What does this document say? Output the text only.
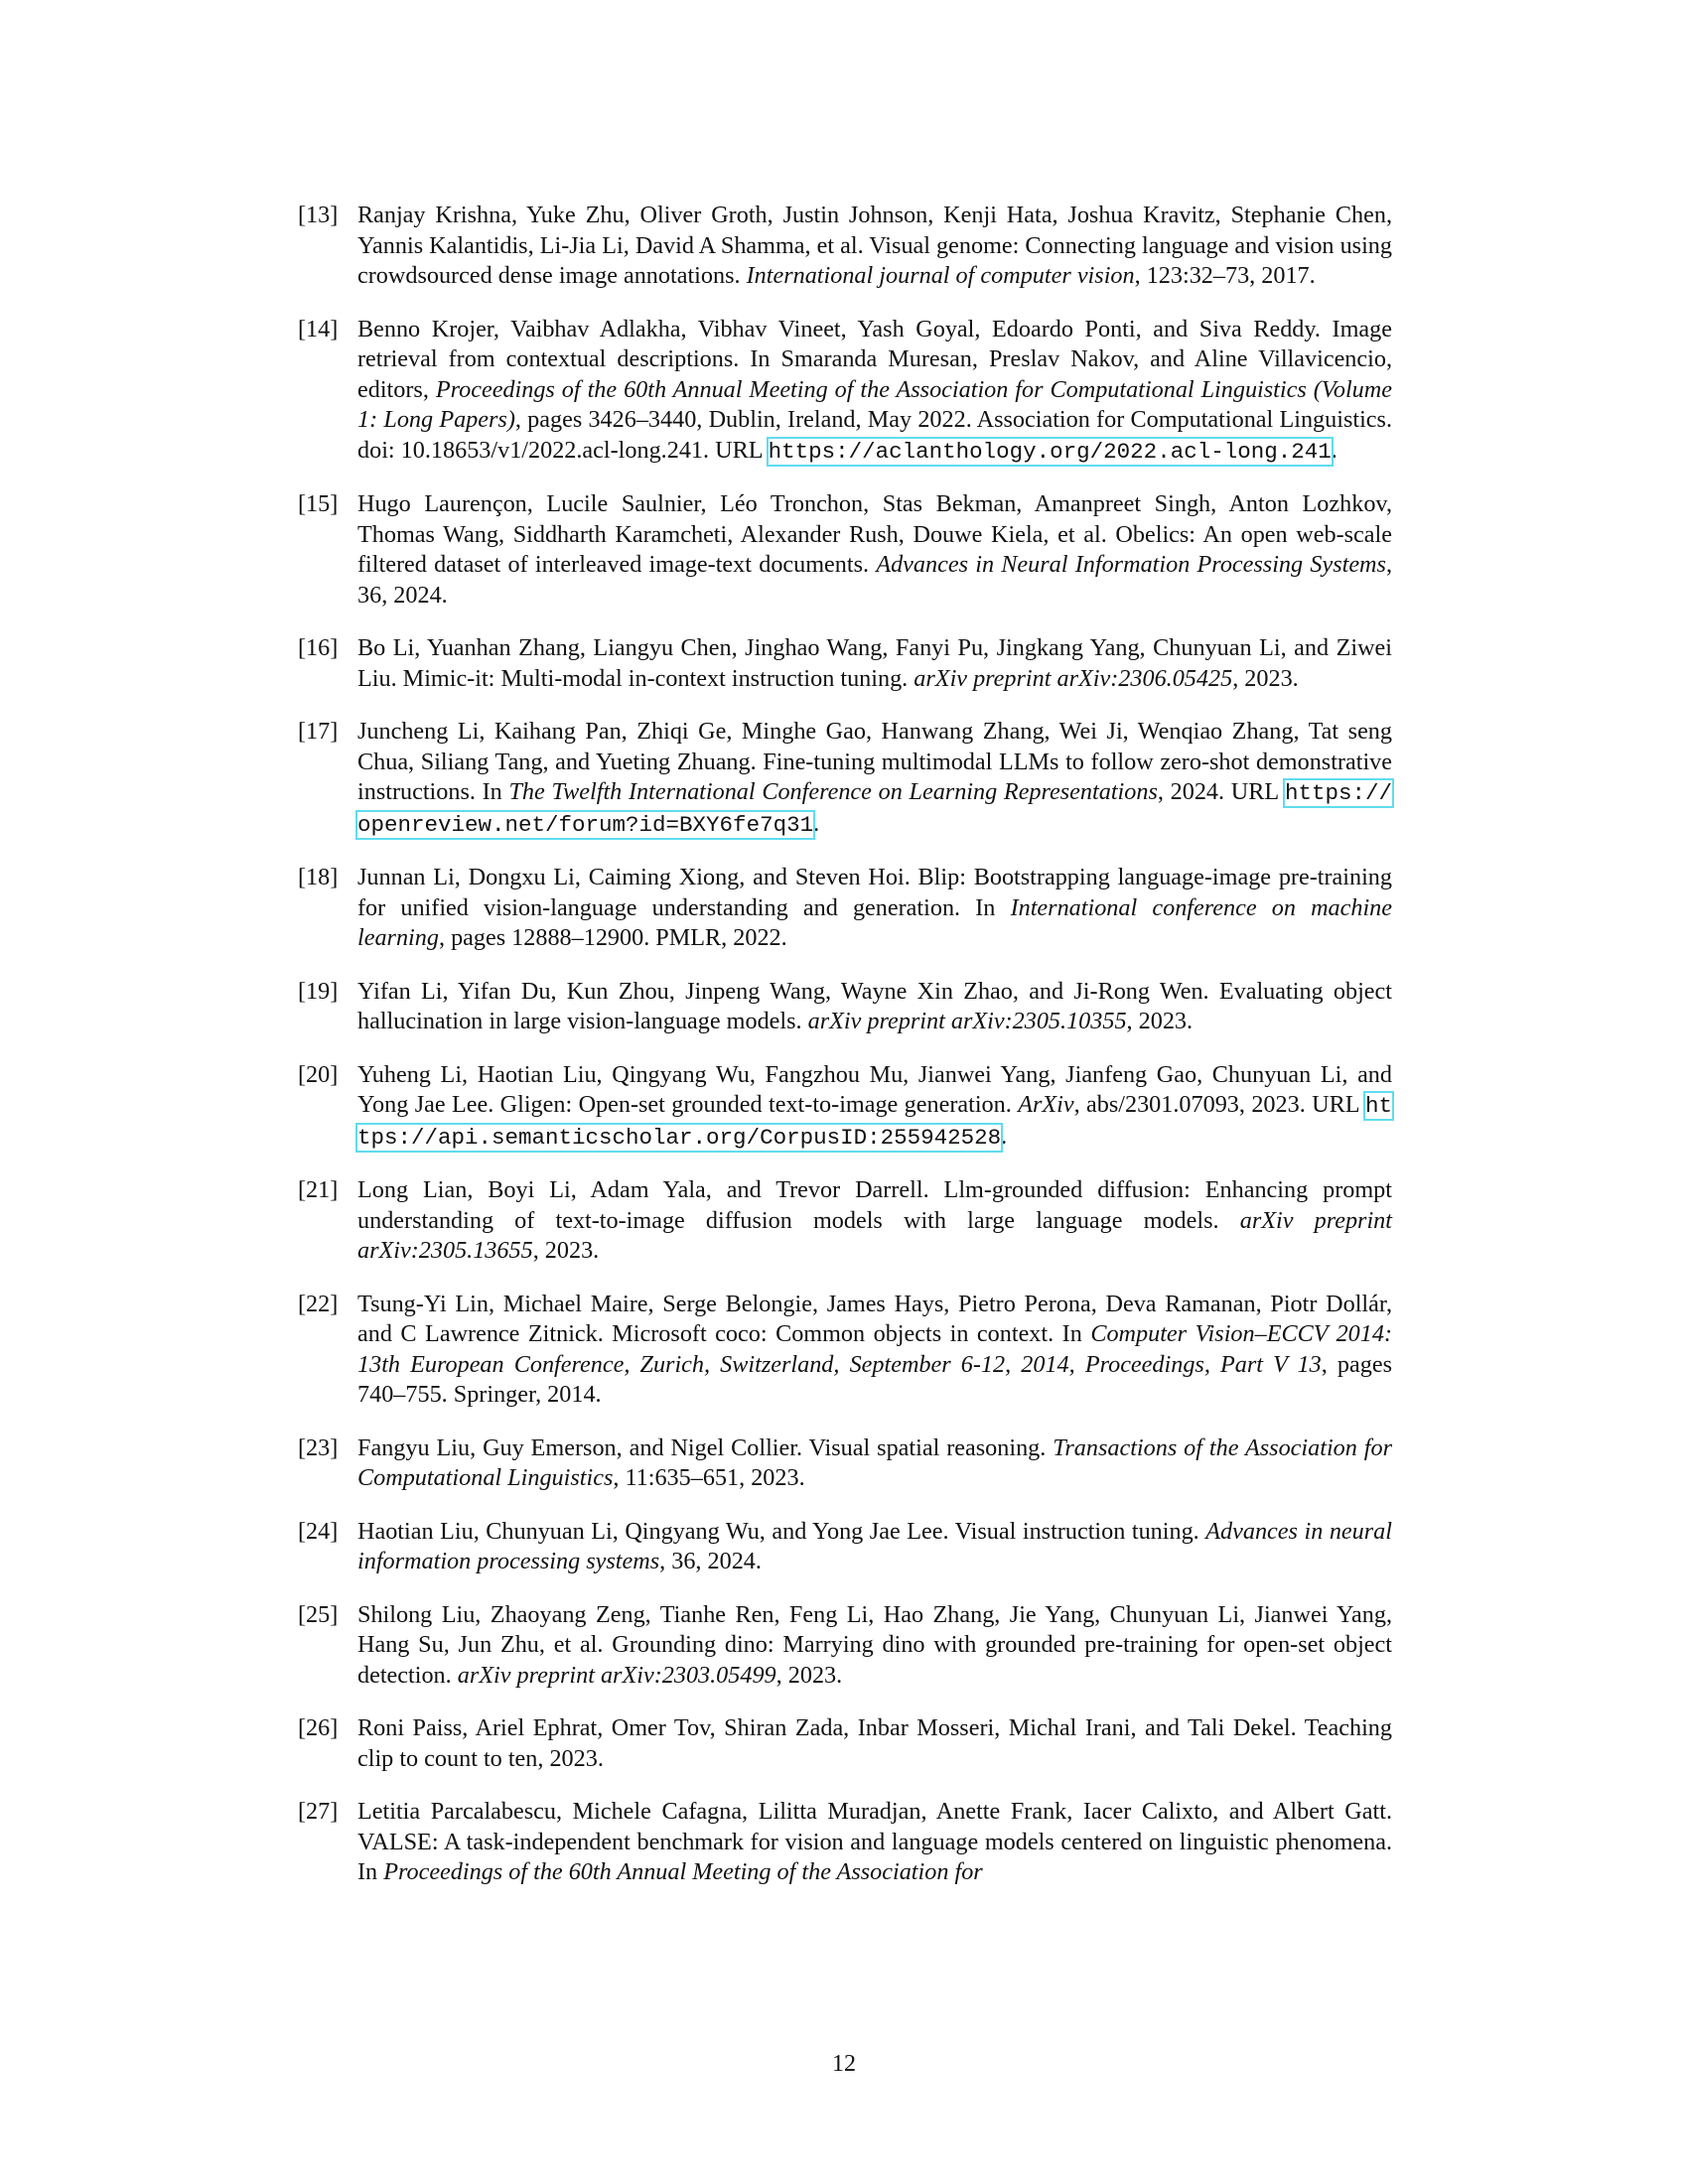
[13] Ranjay Krishna, Yuke Zhu, Oliver Groth, Justin Johnson, Kenji Hata, Joshua Kravitz, Stephanie Chen, Yannis Kalantidis, Li-Jia Li, David A Shamma, et al. Visual genome: Connecting language and vision using crowdsourced dense image annotations. International journal of computer vision, 123:32–73, 2017.
[14] Benno Krojer, Vaibhav Adlakha, Vibhav Vineet, Yash Goyal, Edoardo Ponti, and Siva Reddy. Image retrieval from contextual descriptions. In Smaranda Muresan, Preslav Nakov, and Aline Villavicencio, editors, Proceedings of the 60th Annual Meeting of the Association for Computational Linguistics (Volume 1: Long Papers), pages 3426–3440, Dublin, Ireland, May 2022. Association for Computational Linguistics. doi: 10.18653/v1/2022.acl-long.241. URL https://aclanthology.org/2022.acl-long.241.
[15] Hugo Laurençon, Lucile Saulnier, Léo Tronchon, Stas Bekman, Amanpreet Singh, Anton Lozhkov, Thomas Wang, Siddharth Karamcheti, Alexander Rush, Douwe Kiela, et al. Obelics: An open web-scale filtered dataset of interleaved image-text documents. Advances in Neural Information Processing Systems, 36, 2024.
[16] Bo Li, Yuanhan Zhang, Liangyu Chen, Jinghao Wang, Fanyi Pu, Jingkang Yang, Chunyuan Li, and Ziwei Liu. Mimic-it: Multi-modal in-context instruction tuning. arXiv preprint arXiv:2306.05425, 2023.
[17] Juncheng Li, Kaihang Pan, Zhiqi Ge, Minghe Gao, Hanwang Zhang, Wei Ji, Wenqiao Zhang, Tat seng Chua, Siliang Tang, and Yueting Zhuang. Fine-tuning multimodal LLMs to follow zero-shot demonstrative instructions. In The Twelfth International Conference on Learning Representations, 2024. URL https://openreview.net/forum?id=BXY6fe7q31.
[18] Junnan Li, Dongxu Li, Caiming Xiong, and Steven Hoi. Blip: Bootstrapping language-image pre-training for unified vision-language understanding and generation. In International conference on machine learning, pages 12888–12900. PMLR, 2022.
[19] Yifan Li, Yifan Du, Kun Zhou, Jinpeng Wang, Wayne Xin Zhao, and Ji-Rong Wen. Evaluating object hallucination in large vision-language models. arXiv preprint arXiv:2305.10355, 2023.
[20] Yuheng Li, Haotian Liu, Qingyang Wu, Fangzhou Mu, Jianwei Yang, Jianfeng Gao, Chunyuan Li, and Yong Jae Lee. Gligen: Open-set grounded text-to-image generation. ArXiv, abs/2301.07093, 2023. URL https://api.semanticscholar.org/CorpusID:255942528.
[21] Long Lian, Boyi Li, Adam Yala, and Trevor Darrell. Llm-grounded diffusion: Enhancing prompt understanding of text-to-image diffusion models with large language models. arXiv preprint arXiv:2305.13655, 2023.
[22] Tsung-Yi Lin, Michael Maire, Serge Belongie, James Hays, Pietro Perona, Deva Ramanan, Piotr Dollár, and C Lawrence Zitnick. Microsoft coco: Common objects in context. In Computer Vision–ECCV 2014: 13th European Conference, Zurich, Switzerland, September 6-12, 2014, Proceedings, Part V 13, pages 740–755. Springer, 2014.
[23] Fangyu Liu, Guy Emerson, and Nigel Collier. Visual spatial reasoning. Transactions of the Association for Computational Linguistics, 11:635–651, 2023.
[24] Haotian Liu, Chunyuan Li, Qingyang Wu, and Yong Jae Lee. Visual instruction tuning. Advances in neural information processing systems, 36, 2024.
[25] Shilong Liu, Zhaoyang Zeng, Tianhe Ren, Feng Li, Hao Zhang, Jie Yang, Chunyuan Li, Jianwei Yang, Hang Su, Jun Zhu, et al. Grounding dino: Marrying dino with grounded pre-training for open-set object detection. arXiv preprint arXiv:2303.05499, 2023.
[26] Roni Paiss, Ariel Ephrat, Omer Tov, Shiran Zada, Inbar Mosseri, Michal Irani, and Tali Dekel. Teaching clip to count to ten, 2023.
[27] Letitia Parcalabescu, Michele Cafagna, Lilitta Muradjan, Anette Frank, Iacer Calixto, and Albert Gatt. VALSE: A task-independent benchmark for vision and language models centered on linguistic phenomena. In Proceedings of the 60th Annual Meeting of the Association for
12
